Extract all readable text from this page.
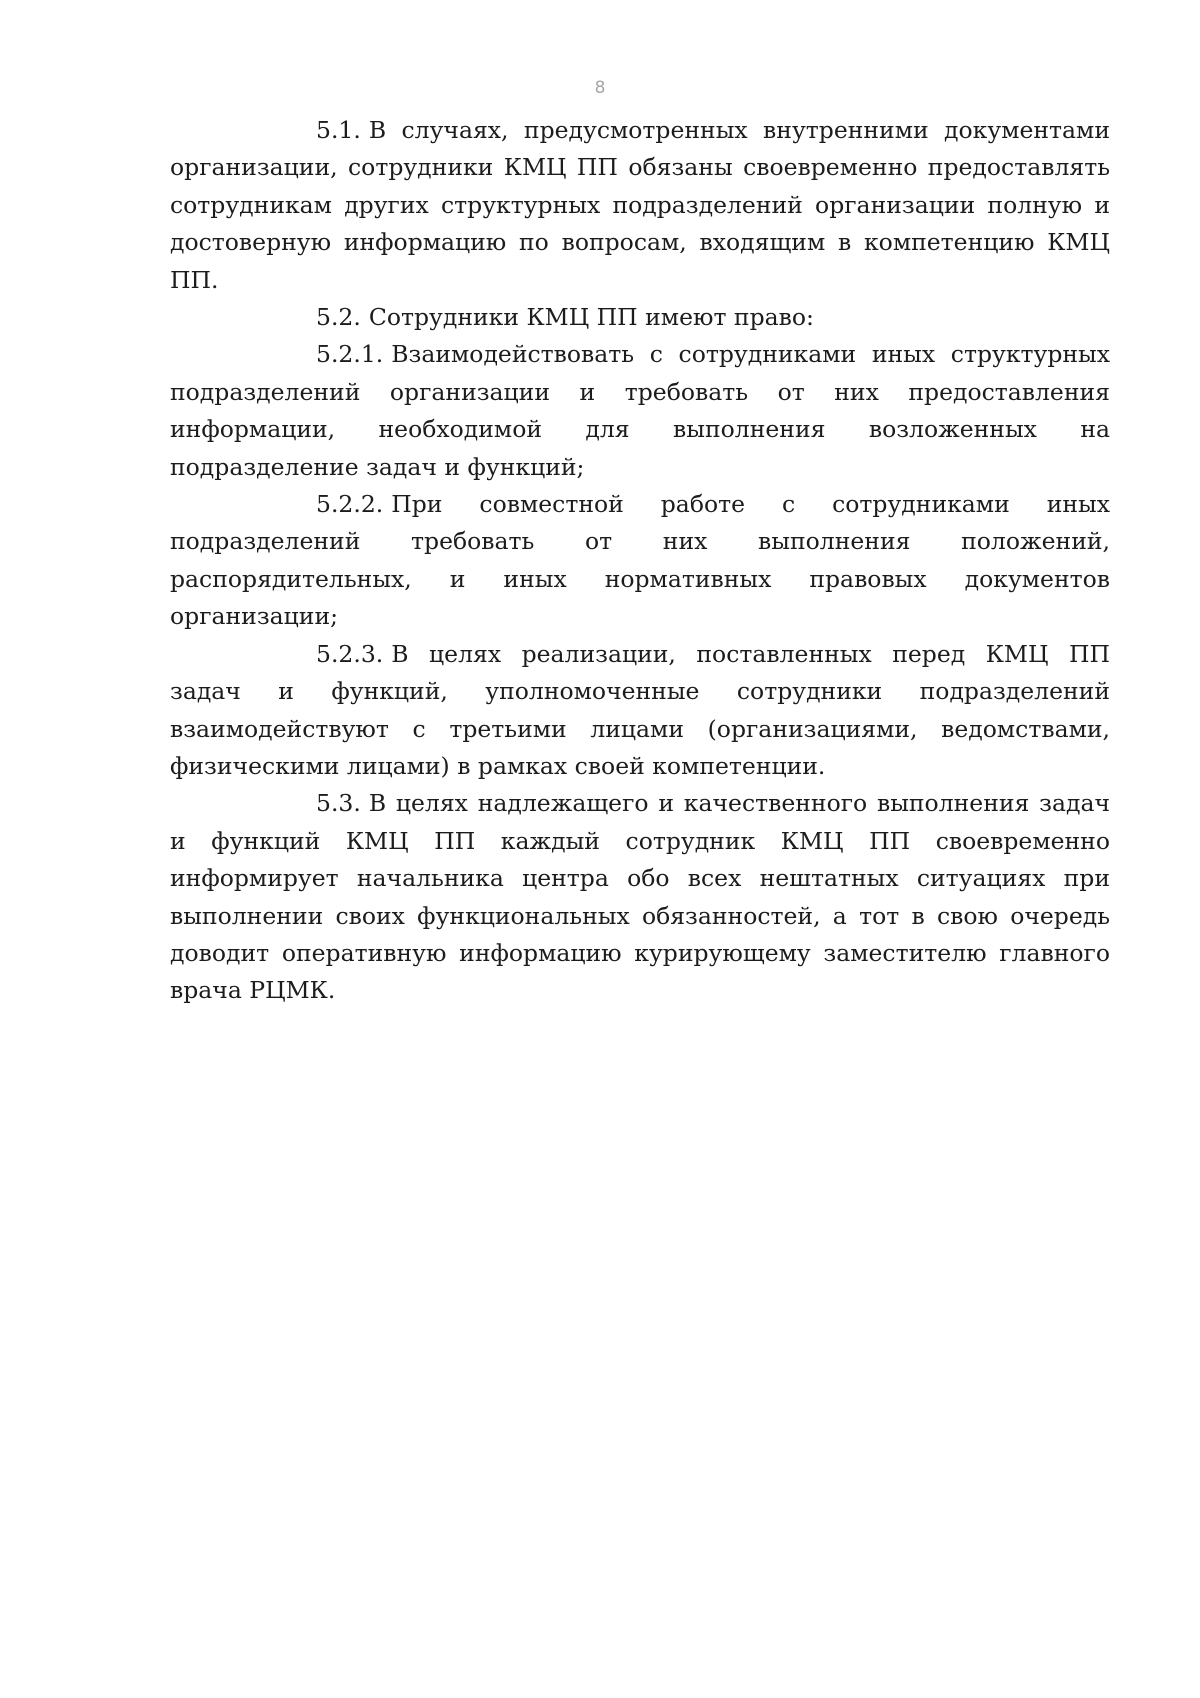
8

5.1. В случаях, предусмотренных внутренними документами организации, сотрудники КМЦ ПП обязаны своевременно предоставлять сотрудникам других структурных подразделений организации полную и достоверную информацию по вопросам, входящим в компетенцию КМЦ ПП.

5.2. Сотрудники КМЦ ПП имеют право:

5.2.1. Взаимодействовать с сотрудниками иных структурных подразделений организации и требовать от них предоставления информации, необходимой для выполнения возложенных на подразделение задач и функций;

5.2.2. При совместной работе с сотрудниками иных подразделений требовать от них выполнения положений, распорядительных, и иных нормативных правовых документов организации;

5.2.3. В целях реализации, поставленных перед КМЦ ПП задач и функций, уполномоченные сотрудники подразделений взаимодействуют с третьими лицами (организациями, ведомствами, физическими лицами) в рамках своей компетенции.

5.3. В целях надлежащего и качественного выполнения задач и функций КМЦ ПП каждый сотрудник КМЦ ПП своевременно информирует начальника центра обо всех нештатных ситуациях при выполнении своих функциональных обязанностей, а тот в свою очередь доводит оперативную информацию курирующему заместителю главного врача РЦМК.
